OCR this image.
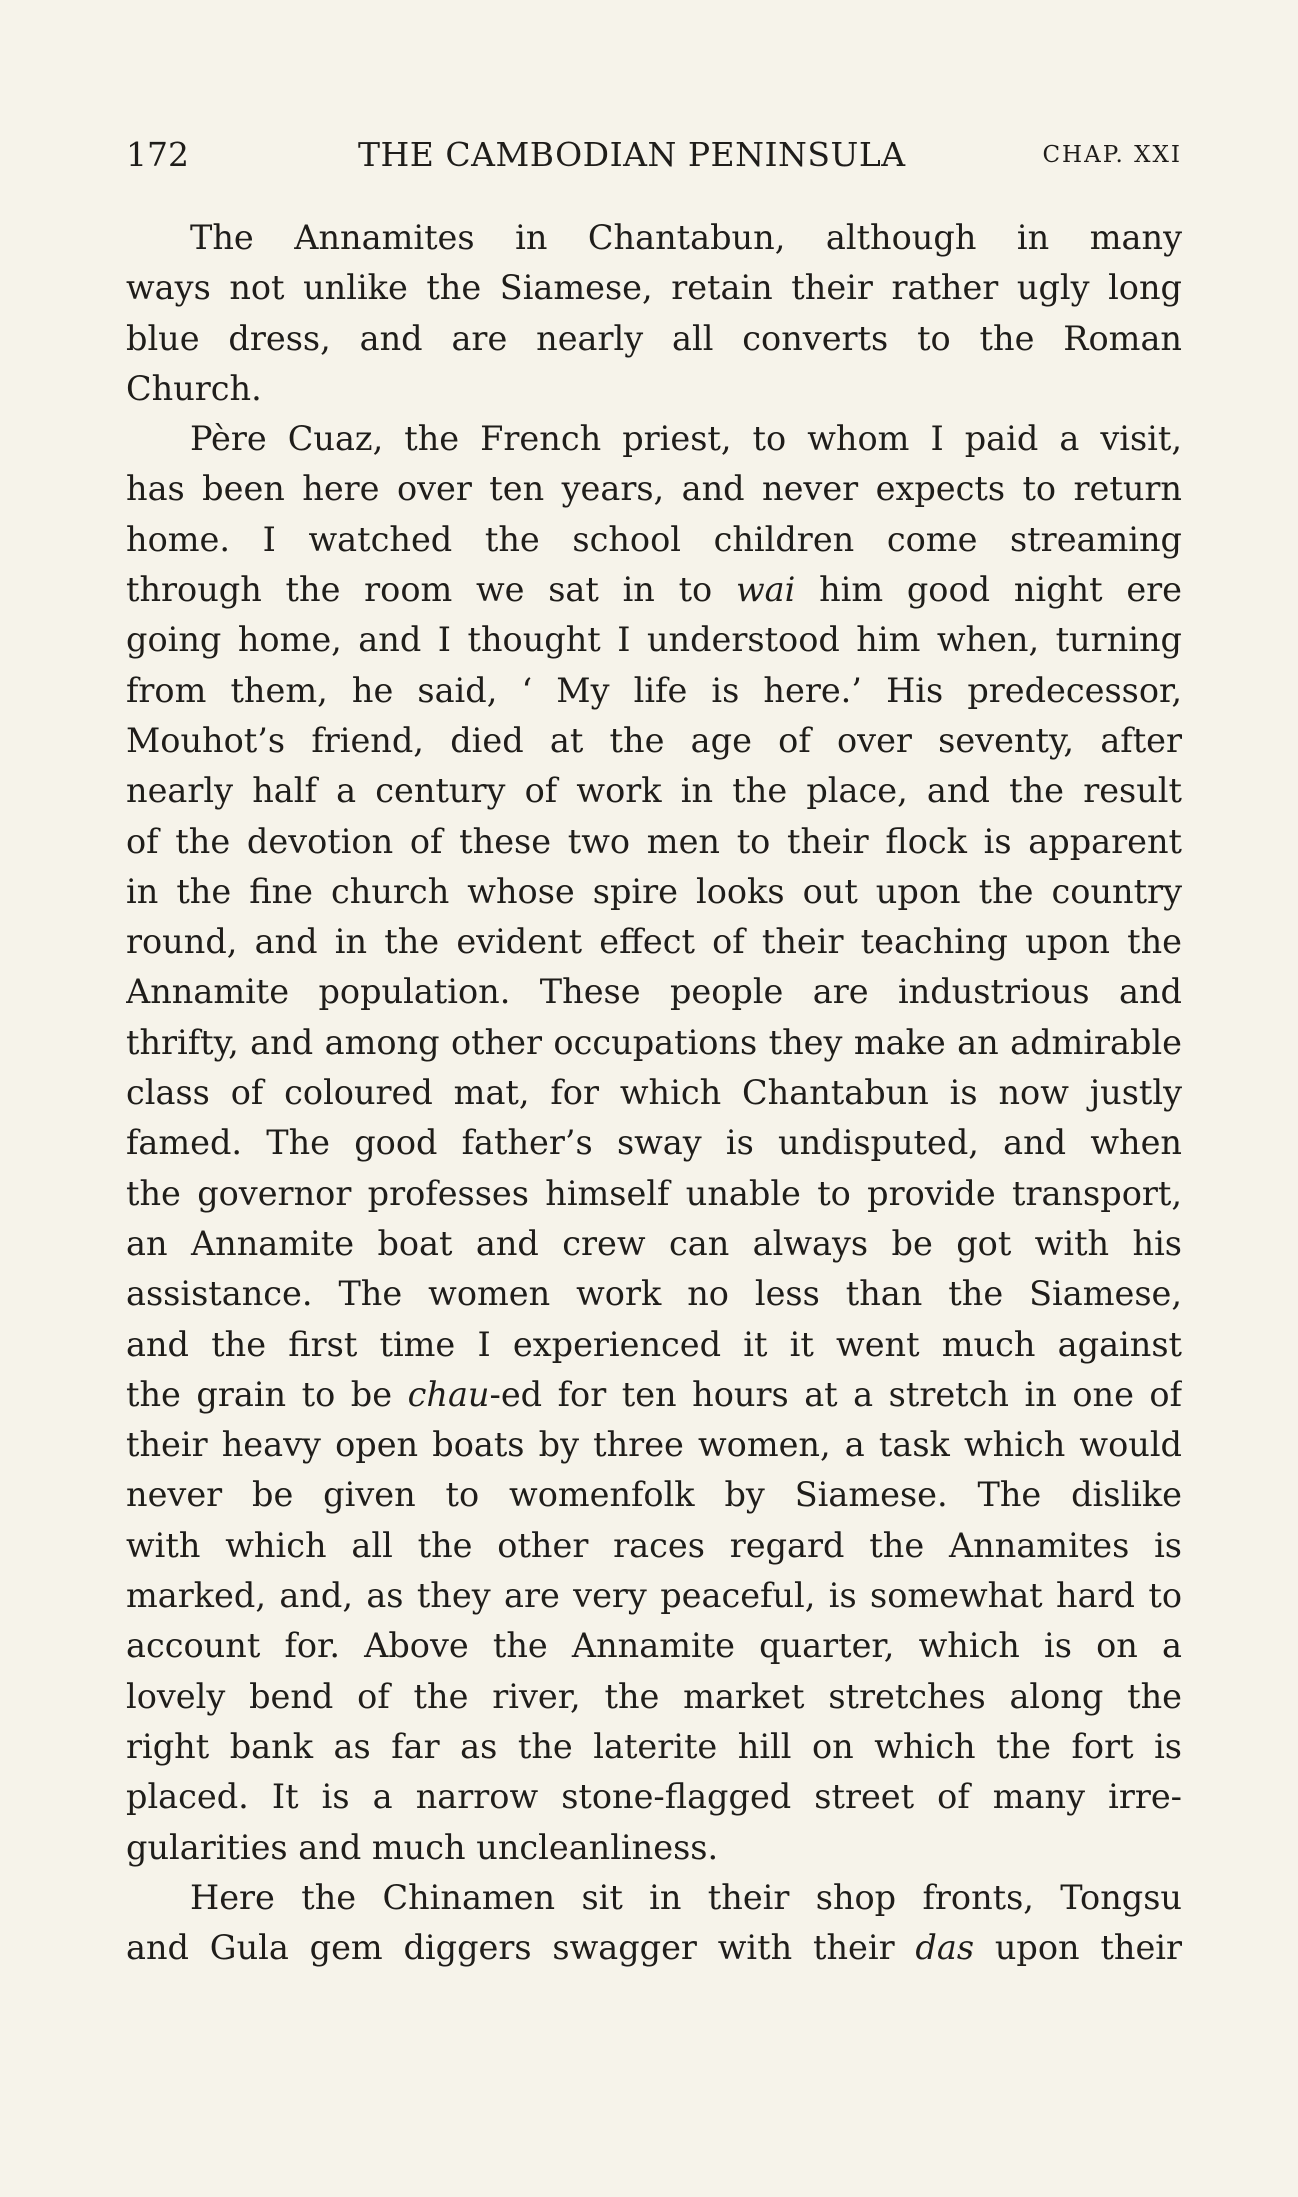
172	THE CAMBODIAN PENINSULA	CHAP. XXI

The Annamites in Chantabun, although in many
ways not unlike the Siamese, retain their rather ugly long
blue dress, and are nearly all converts to the Roman
Church.

Père Cuaz, the French priest, to whom I paid a visit,
has been here over ten years, and never expects to return
home. I watched the school children come streaming
through the room we sat in to wai him good night ere
going home, and I thought I understood him when, turning
from them, he said, ‘ My life is here.’ His predecessor,
Mouhot’s friend, died at the age of over seventy, after
nearly half a century of work in the place, and the result
of the devotion of these two men to their flock is apparent
in the fine church whose spire looks out upon the country
round, and in the evident effect of their teaching upon the
Annamite population. These people are industrious and
thrifty, and among other occupations they make an admirable
class of coloured mat, for which Chantabun is now justly
famed. The good father’s sway is undisputed, and when
the governor professes himself unable to provide transport,
an Annamite boat and crew can always be got with his
assistance. The women work no less than the Siamese,
and the first time I experienced it it went much against
the grain to be chau-ed for ten hours at a stretch in one of
their heavy open boats by three women, a task which would
never be given to womenfolk by Siamese. The dislike
with which all the other races regard the Annamites is
marked, and, as they are very peaceful, is somewhat hard to
account for. Above the Annamite quarter, which is on a
lovely bend of the river, the market stretches along the
right bank as far as the laterite hill on which the fort is
placed. It is a narrow stone-flagged street of many irre-
gularities and much uncleanliness.

Here the Chinamen sit in their shop fronts, Tongsu
and Gula gem diggers swagger with their das upon their
